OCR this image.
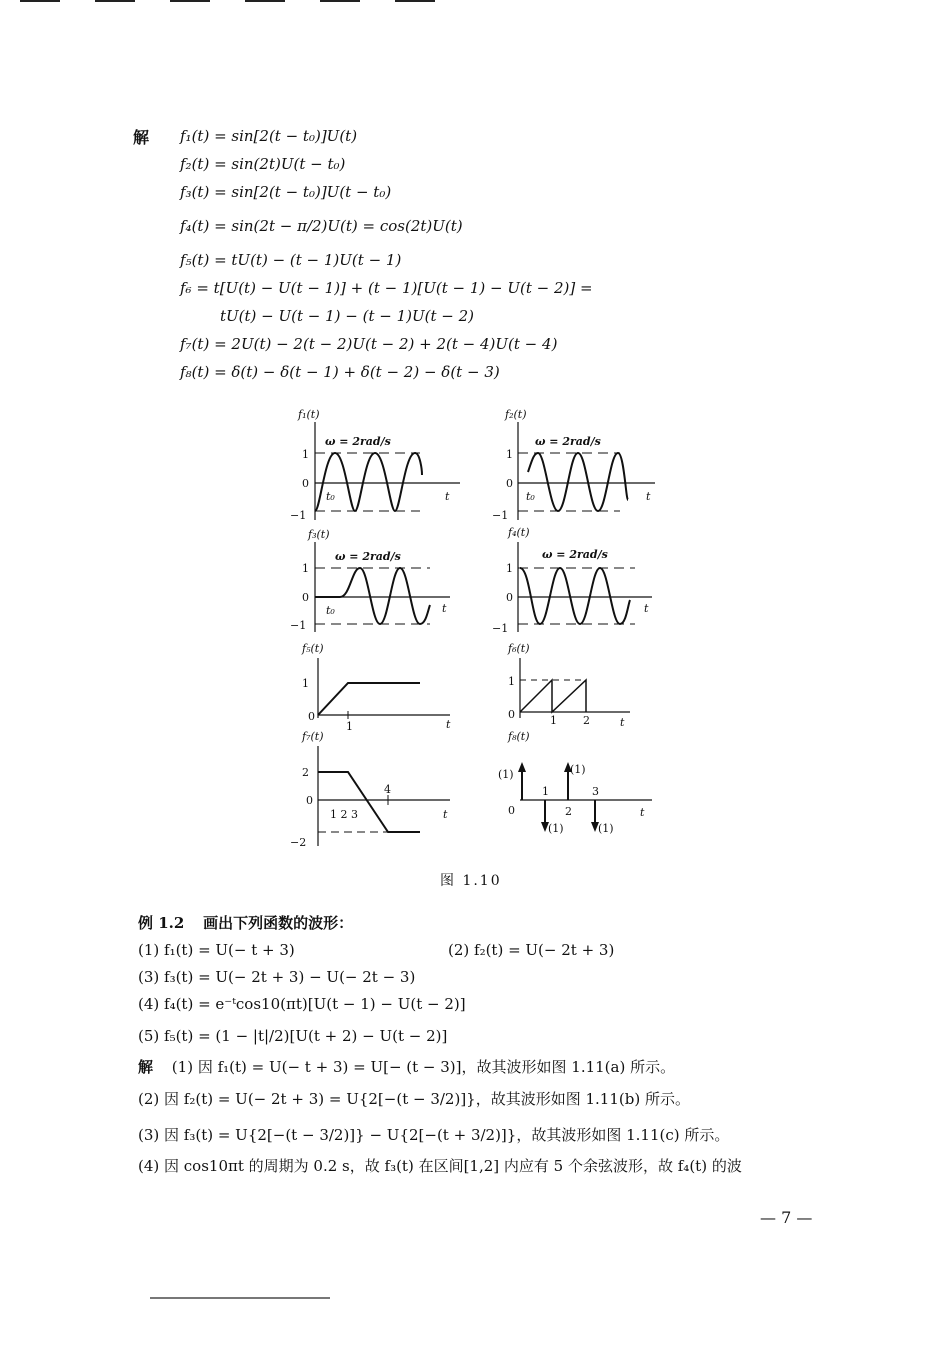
解 f₁(t) = sin[2(t − t₀)]U(t)
f₂(t) = sin(2t)U(t − t₀)
f₃(t) = sin[2(t − t₀)]U(t − t₀)
f₄(t) = sin(2t − π/2)U(t) = cos(2t)U(t)
f₅(t) = tU(t) − (t − 1)U(t − 1)
f₆ = t[U(t) − U(t − 1)] + (t − 1)[U(t − 1) − U(t − 2)] =
tU(t) − U(t − 1) − (t − 1)U(t − 2)
f₇(t) = 2U(t) − 2(t − 2)U(t − 2) + 2(t − 4)U(t − 4)
f₈(t) = δ(t) − δ(t − 1) + δ(t − 2) − δ(t − 3)
f₁(t)
ω = 2rad/s
1
0
−1
t₀	t
f₂(t)
ω = 2rad/s
1
0
−1
t₀	t
f₃(t)
ω = 2rad/s
1
0
−1
t₀	t
f₄(t)
ω = 2rad/s
1
0
−1
t
f₅(t)
1
0
1	t
f₆(t)
1
0	1 2	t
f₇(t)
2
0
−2
1 2 3
4
t
f₈(t)
(1)	(1)
(1)	(1)
0
1
2
3
t
图 1.10
例 1.2 画出下列函数的波形：
(1) f₁(t) = U(− t + 3)	(2) f₂(t) = U(− 2t + 3)
(3) f₃(t) = U(− 2t + 3) − U(− 2t − 3)
(4) f₄(t) = e⁻ᵗcos10(πt)[U(t − 1) − U(t − 2)]
(5) f₅(t) = (1 − |t|/2)[U(t + 2) − U(t − 2)]
解 (1) 因 f₁(t) = U(− t + 3) = U[− (t − 3)]，故其波形如图 1.11(a) 所示。
(2) 因 f₂(t) = U(− 2t + 3) = U{2[−(t − 3/2)]}，故其波形如图 1.11(b) 所示。
(3) 因 f₃(t) = U{2[−(t − 3/2)]} − U{2[−(t + 3/2)]}，故其波形如图 1.11(c) 所示。
(4) 因 cos10πt 的周期为 0.2 s，故 f₃(t) 在区间[1,2] 内应有 5 个余弦波形，故 f₄(t) 的波
— 7 —
